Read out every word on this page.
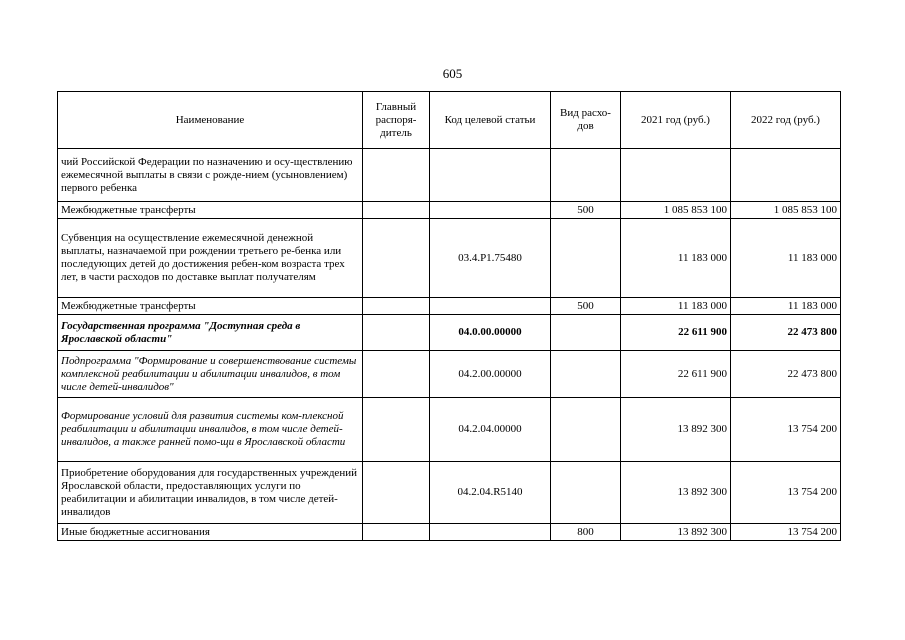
605
Наименование	Главный распоря-дитель	Код целевой статьи	Вид расхо-дов	2021 год (руб.)	2022 год (руб.)
чий Российской Федерации по назначению и осу-ществлению ежемесячной выплаты в связи с рожде-нием (усыновлением) первого ребенка					
Межбюджетные трансферты			500	1 085 853 100	1 085 853 100
Субвенция на осуществление ежемесячной денежной выплаты, назначаемой при рождении третьего ре-бенка или последующих детей до достижения ребен-ком возраста трех лет, в части расходов по доставке выплат получателям		03.4.P1.75480		11 183 000	11 183 000
Межбюджетные трансферты			500	11 183 000	11 183 000
Государственная программа "Доступная среда в Ярославской области"		04.0.00.00000		22 611 900	22 473 800
Подпрограмма "Формирование и совершенствование системы комплексной реабилитации и абилитации инвалидов, в том числе детей-инвалидов"		04.2.00.00000		22 611 900	22 473 800
Формирование условий для развития системы ком-плексной реабилитации и абилитации инвалидов, в том числе детей-инвалидов, а также ранней помо-щи в Ярославской области		04.2.04.00000		13 892 300	13 754 200
Приобретение оборудования для государственных учреждений Ярославской области, предоставляющих услуги по реабилитации и абилитации инвалидов, в том числе детей-инвалидов		04.2.04.R5140		13 892 300	13 754 200
Иные бюджетные ассигнования			800	13 892 300	13 754 200
